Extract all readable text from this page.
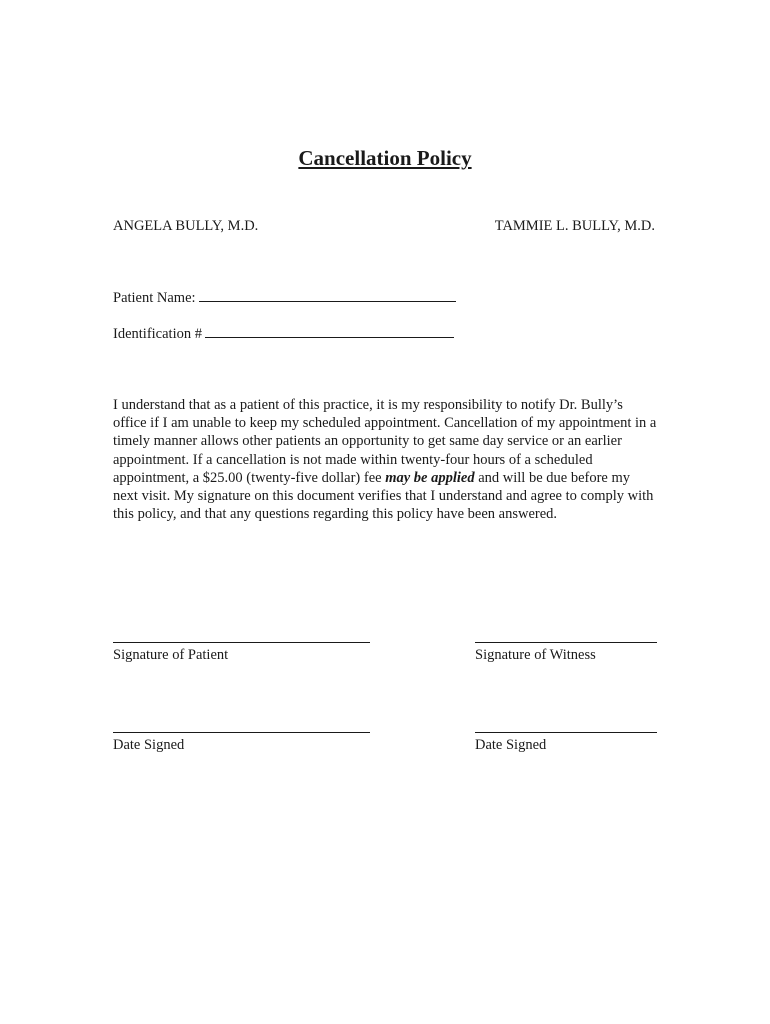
Cancellation Policy
ANGELA BULLY, M.D.	TAMMIE L. BULLY, M.D.
Patient Name:
Identification #
I understand that as a patient of this practice, it is my responsibility to notify Dr. Bully’s office if I am unable to keep my scheduled appointment. Cancellation of my appointment in a timely manner allows other patients an opportunity to get same day service or an earlier appointment. If a cancellation is not made within twenty-four hours of a scheduled appointment, a $25.00 (twenty-five dollar) fee may be applied and will be due before my next visit. My signature on this document verifies that I understand and agree to comply with this policy, and that any questions regarding this policy have been answered.
Signature of Patient	Signature of Witness
Date Signed	Date Signed
